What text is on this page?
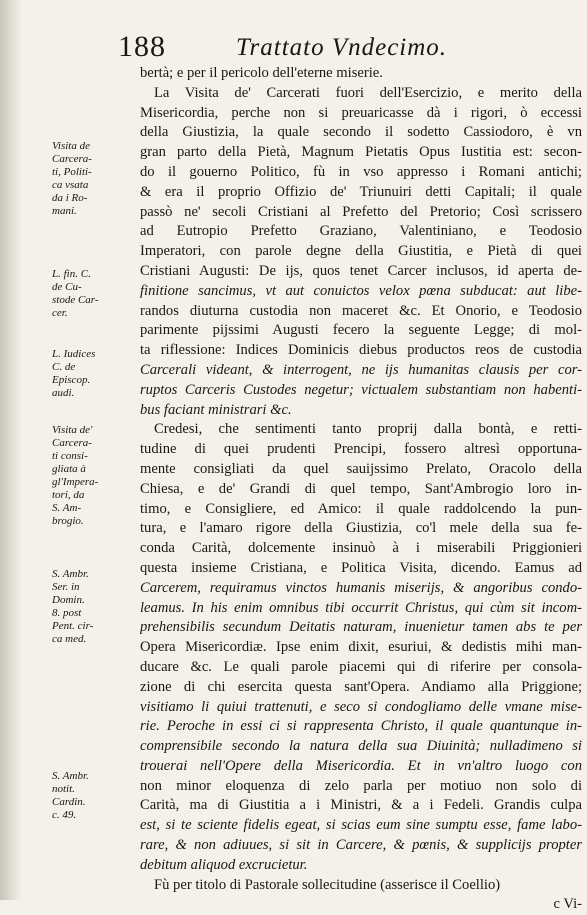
188	Trattato Vndecimo.
bertà; e per il pericolo dell'eterne miserie.
La Visita de' Carcerati fuori dell'Esercizio, e merito della
Misericordia, perche non si preuaricasse dà i rigori, ò eccessi
della Giustizia, la quale secondo il sodetto Cassiodoro, è vn
gran parto della Pietà, Magnum Pietatis Opus Iustitia est: secon-
do il gouerno Politico, fù in vso appresso i Romani antichi;
& era il proprio Offizio de' Triunuiri detti Capitali; il quale
passò ne' secoli Cristiani al Prefetto del Pretorio; Così scrissero
ad Eutropio Prefetto Graziano, Valentiniano, e Teodosio
Imperatori, con parole degne della Giustitia, e Pietà di quei
Cristiani Augusti: De ijs, quos tenet Carcer inclusos, id aperta de-
finitione sancimus, vt aut conuictos velox pœna subducat: aut libe-
randos diuturna custodia non maceret &c. Et Onorio, e Teodosio
parimente pijssimi Augusti fecero la seguente Legge; di mol-
ta riflessione: Indices Dominicis diebus productos reos de custodia
Carcerali videant, & interrogent, ne ijs humanitas clausis per cor-
ruptos Carceris Custodes negetur; victualem substantiam non habenti-
bus faciant ministrari &c.
Credesi, che sentimenti tanto proprij dalla bontà, e retti-
tudine di quei prudenti Prencipi, fossero altresì opportuna-
mente consigliati da quel sauijssimo Prelato, Oracolo della
Chiesa, e de' Grandi di quel tempo, Sant'Ambrogio loro in-
timo, e Consigliere, ed Amico: il quale raddolcendo la pun-
tura, e l'amaro rigore della Giustizia, co'l mele della sua fe-
conda Carità, dolcemente insinuò à i miserabili Priggionieri
questa insieme Cristiana, e Politica Visita, dicendo. Eamus ad
Carcerem, requiramus vinctos humanis miserijs, & angoribus condo-
leamus. In his enim omnibus tibi occurrit Christus, qui cùm sit incom-
prehensibilis secundum Deitatis naturam, inuenietur tamen abs te per
Opera Misericordiæ. Ipse enim dixit, esuriui, & dedistis mihi man-
ducare &c. Le quali parole piacemi qui di riferire per consola-
zione di chi esercita questa sant'Opera. Andiamo alla Priggione;
visitiamo li quiui trattenuti, e seco si condogliamo delle vmane mise-
rie. Peroche in essi ci si rappresenta Christo, il quale quantunque in-
comprensibile secondo la natura della sua Diuinità; nulladimeno si
trouerai nell'Opere della Misericordia. Et in vn'altro luogo con
non minor eloquenza di zelo parla per motiuo non solo di
Carità, ma di Giustitia a i Ministri, & a i Fedeli. Grandis culpa
est, si te sciente fidelis egeat, si scias eum sine sumptu esse, fame labo-
rare, & non adiuues, si sit in Carcere, & pœnis, & supplicijs propter
debitum aliquod excrucietur.
Fù per titolo di Pastorale sollecitudine (asserisce il Coellio)
c Vi-
Visita de
Carcera-
ti, Politi-
ca vsata
da i Ro-
mani.
L. fin. C.
de Cu-
stode Car-
cer.
L. Iudices
C. de
Episcop.
audi.
Visita de'
Carcera-
ti consi-
gliata à
gl'Impera-
tori, da
S. Am-
brogio.
S. Ambr.
Ser. in
Domin.
8. post
Pent. cir-
ca med.
S. Ambr.
notit.
Cardin.
c. 49.
